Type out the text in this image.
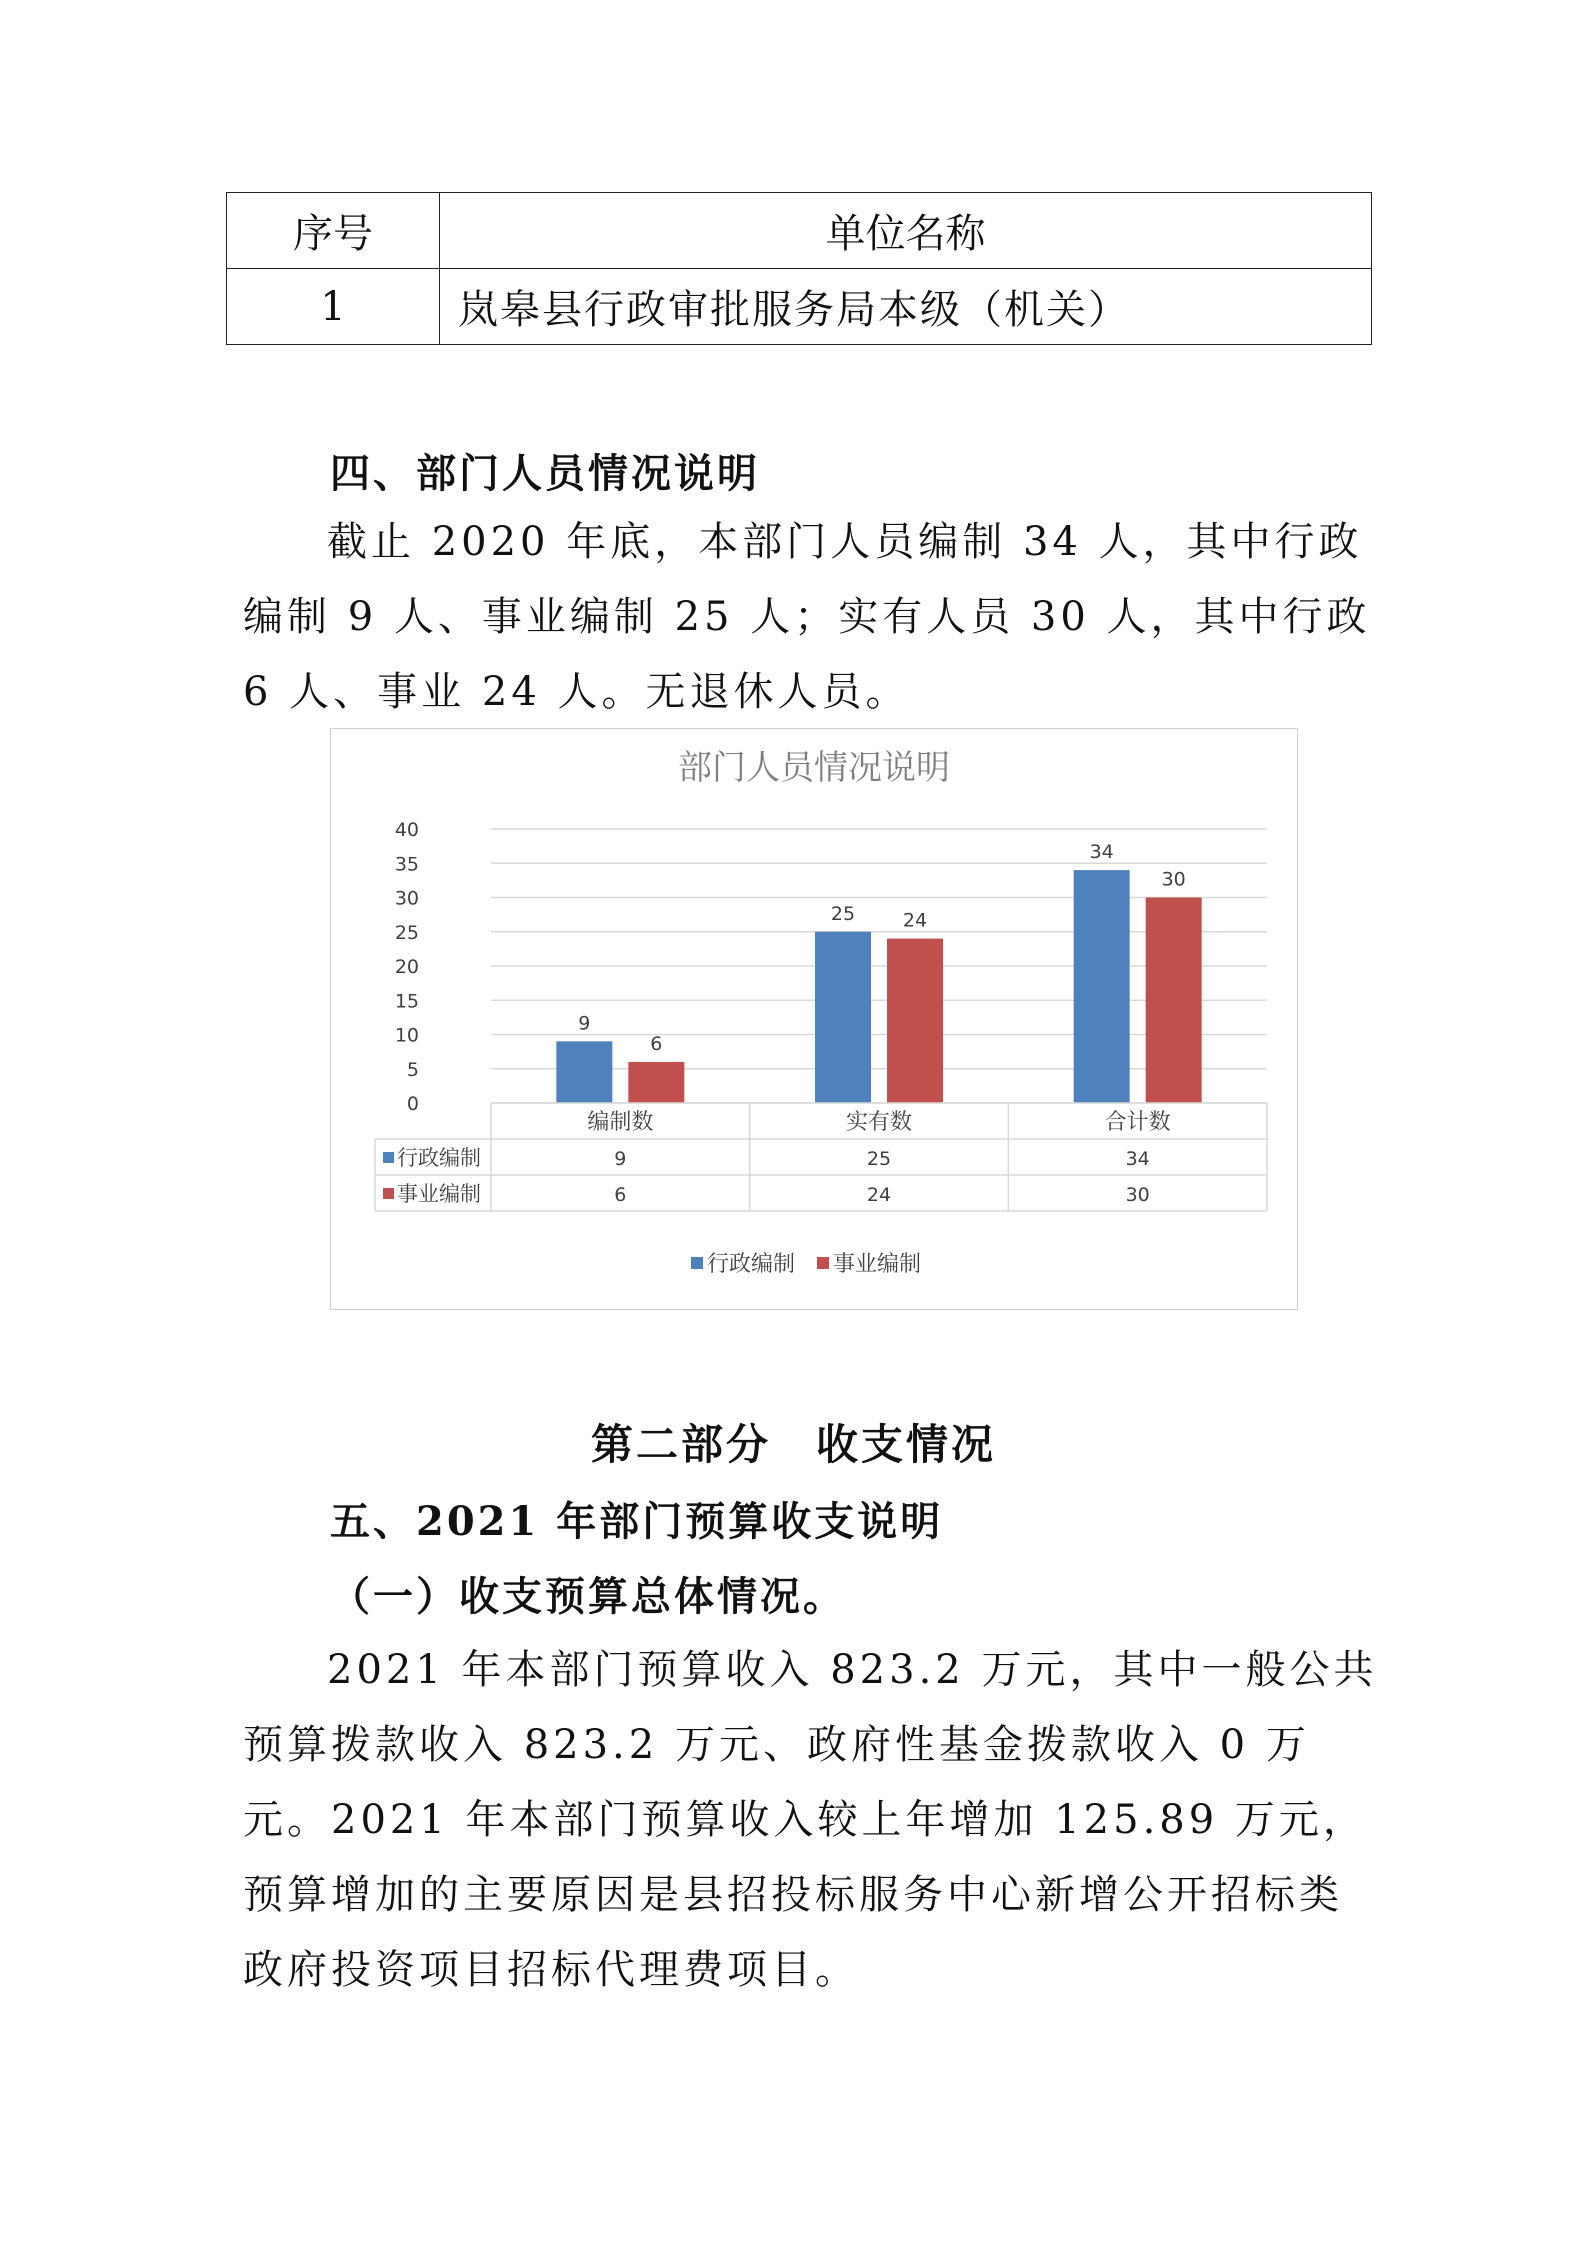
序号	单位名称
1	岚皋县行政审批服务局本级（机关）
四、部门人员情况说明

截止 2020 年底，本部门人员编制 34 人，其中行政编制 9 人、事业编制 25 人；实有人员 30 人，其中行政 6 人、事业 24 人。无退休人员。

部门人员情况说明
0
5
10
15
20
25
30
35
40
9
6
25	24
34
30
编制数	实有数	合计数
行政编制	9	25	34
事业编制	6	24	30
行政编制 事业编制
第二部分　收支情况
五、2021 年部门预算收支说明
（一）收支预算总体情况。

2021 年本部门预算收入 823.2 万元，其中一般公共预算拨款收入 823.2 万元、政府性基金拨款收入 0 万元。2021 年本部门预算收入较上年增加 125.89 万元，预算增加的主要原因是县招投标服务中心新增公开招标类政府投资项目招标代理费项目。
